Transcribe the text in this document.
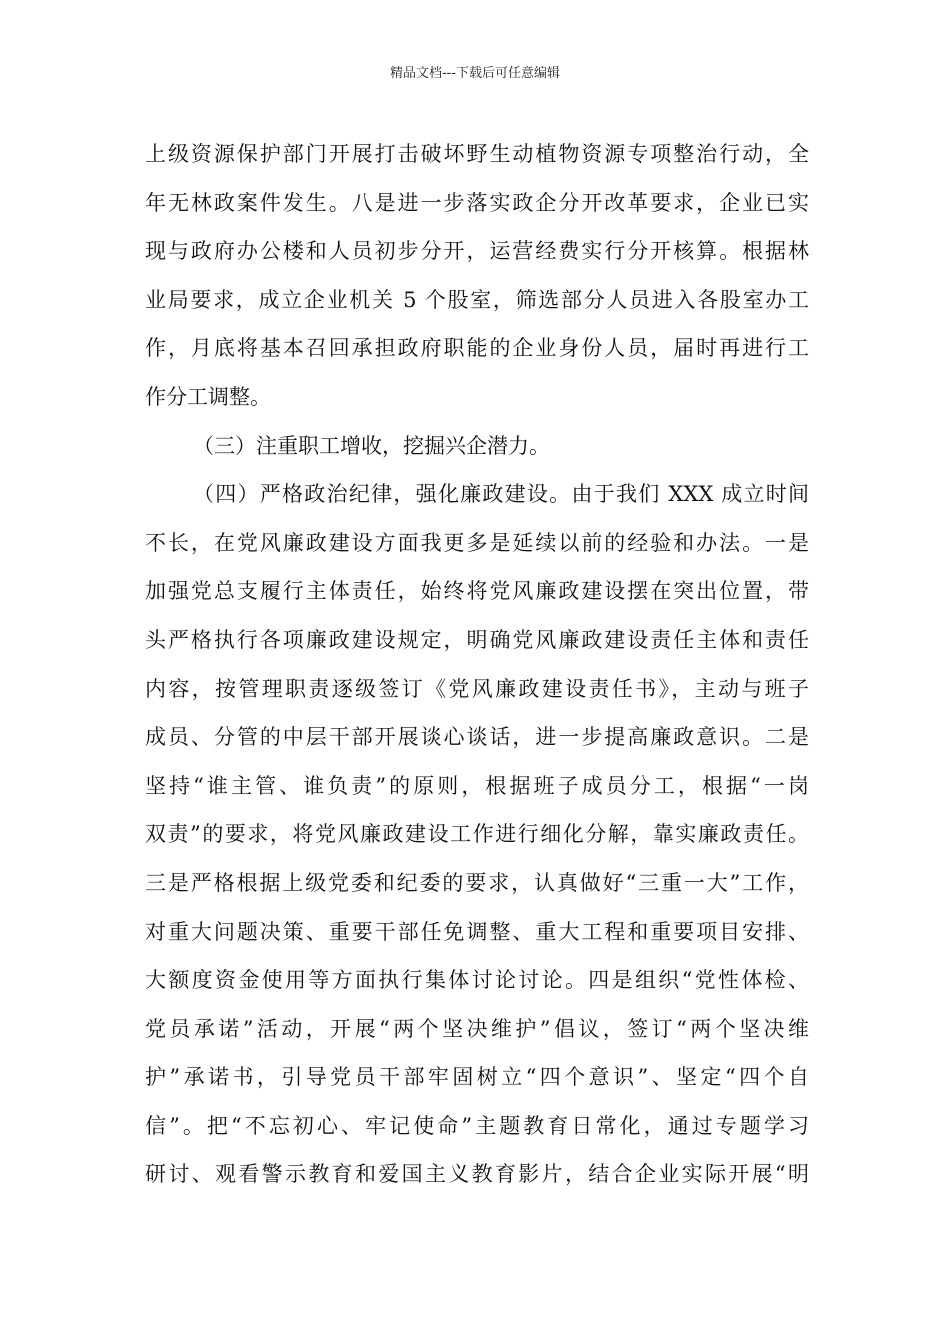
精品文档---下载后可任意编辑
上级资源保护部门开展打击破坏野生动植物资源专项整治行动，全
年无林政案件发生。八是进一步落实政企分开改革要求，企业已实
现与政府办公楼和人员初步分开，运营经费实行分开核算。根据林
业局要求，成立企业机关 5 个股室，筛选部分人员进入各股室办工
作，月底将基本召回承担政府职能的企业身份人员，届时再进行工
作分工调整。
（三）注重职工增收，挖掘兴企潜力。
（四）严格政治纪律，强化廉政建设。由于我们 XXX 成立时间
不长，在党风廉政建设方面我更多是延续以前的经验和办法。一是
加强党总支履行主体责任，始终将党风廉政建设摆在突出位置，带
头严格执行各项廉政建设规定，明确党风廉政建设责任主体和责任
内容，按管理职责逐级签订《党风廉政建设责任书》，主动与班子
成员、分管的中层干部开展谈心谈话，进一步提高廉政意识。二是
坚持“谁主管、谁负责”的原则，根据班子成员分工，根据“一岗
双责”的要求，将党风廉政建设工作进行细化分解，靠实廉政责任。
三是严格根据上级党委和纪委的要求，认真做好“三重一大”工作，
对重大问题决策、重要干部任免调整、重大工程和重要项目安排、
大额度资金使用等方面执行集体讨论讨论。四是组织“党性体检、
党员承诺”活动，开展“两个坚决维护”倡议，签订“两个坚决维
护”承诺书，引导党员干部牢固树立“四个意识”、坚定“四个自
信”。把“不忘初心、牢记使命”主题教育日常化，通过专题学习
研讨、观看警示教育和爱国主义教育影片，结合企业实际开展“明
